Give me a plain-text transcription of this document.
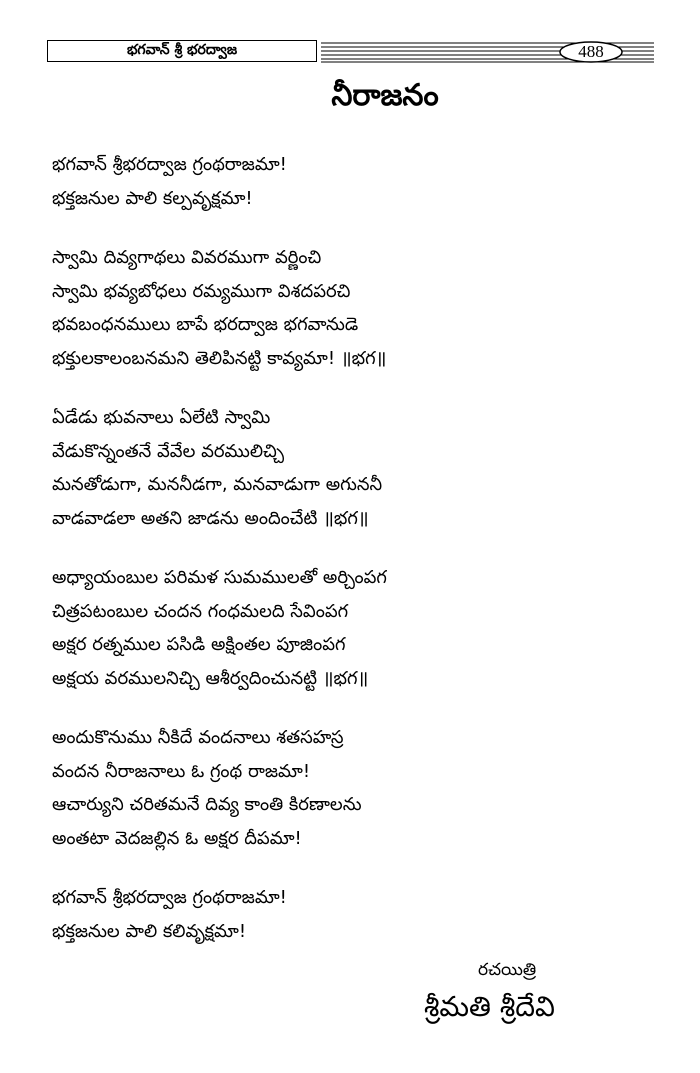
భగవాన్ శ్రీ భరద్వాజ	488
నీరాజనం
భగవాన్ శ్రీభరద్వాజ గ్రంథరాజమా!
భక్తజనుల పాలి కల్పవృక్షమా!
స్వామి దివ్యగాథలు వివరముగా వర్ణించి
స్వామి భవ్యబోధలు రమ్యముగా విశదపరచి
భవబంధనములు బాపే భరద్వాజ భగవానుడె
భక్తులకాలంబనమని తెలిపినట్టి కావ్యమా! ॥భగ॥
ఏడేడు భువనాలు ఏలేటి స్వామి
వేడుకొన్నంతనే వేవేల వరములిచ్చి
మనతోడుగా, మననీడగా, మనవాడుగా అగుననీ
వాడవాడలా అతని జాడను అందించేటి ॥భగ॥
అధ్యాయంబుల పరిమళ సుమములతో అర్చింపగ
చిత్రపటంబుల చందన గంధమలది సేవింపగ
అక్షర రత్నముల పసిడి అక్షింతల పూజింపగ
అక్షయ వరములనిచ్చి ఆశీర్వదించునట్టి ॥భగ॥
అందుకొనుము నీకిదే వందనాలు శతసహస్ర
వందన నీరాజనాలు ఓ గ్రంథ రాజమా!
ఆచార్యుని చరితమనే దివ్య కాంతి కిరణాలను
అంతటా వెదజల్లిన ఓ అక్షర దీపమా!
భగవాన్ శ్రీభరద్వాజ గ్రంథరాజమా!
భక్తజనుల పాలి కలివృక్షమా!
రచయిత్రి
శ్రీమతి శ్రీదేవి
